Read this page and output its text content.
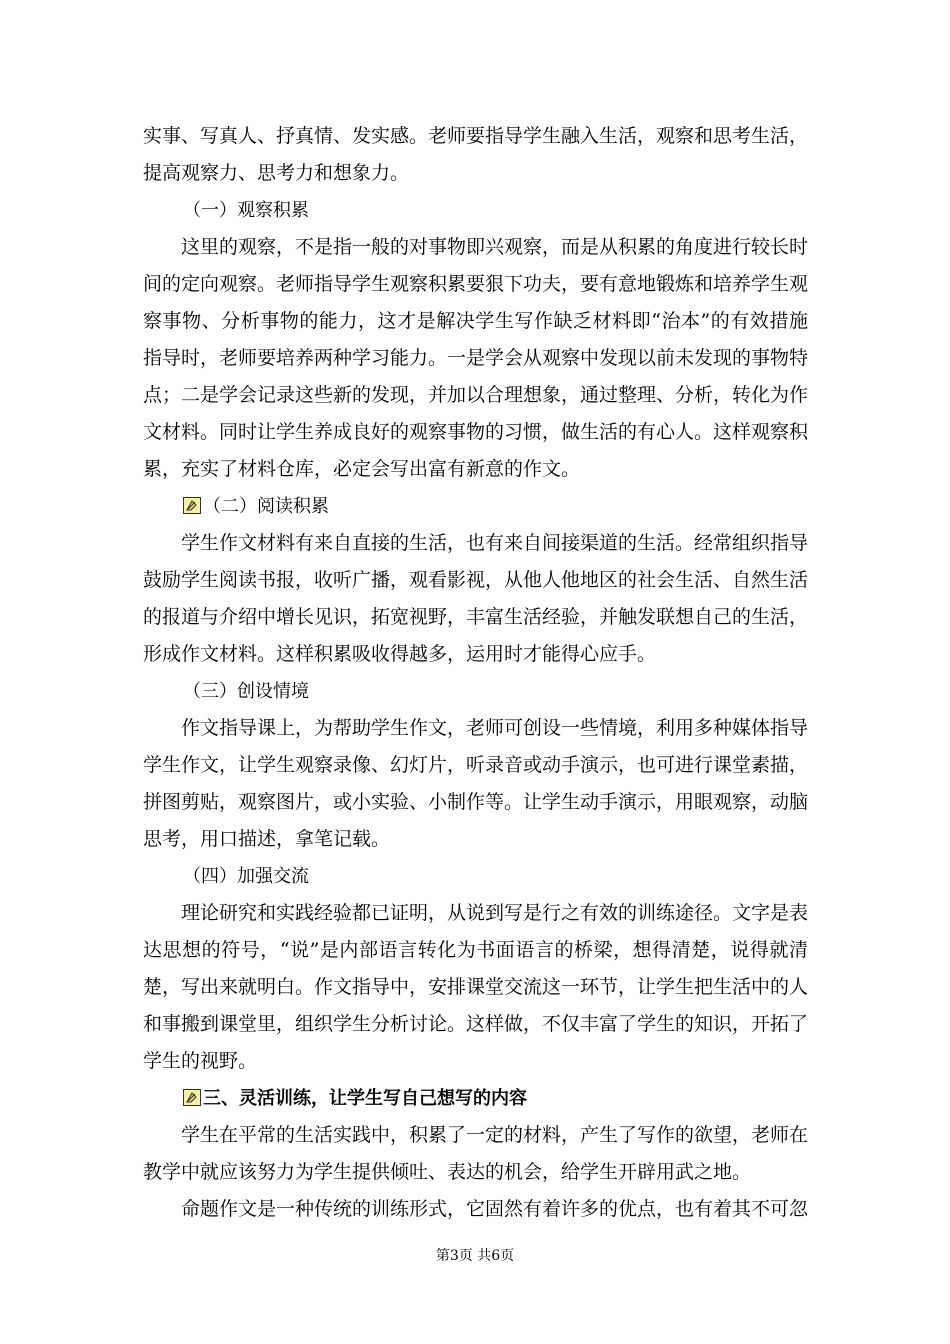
实事、写真人、抒真情、发实感。老师要指导学生融入生活，观察和思考生活，提高观察力、思考力和想象力。

（一）观察积累

这里的观察，不是指一般的对事物即兴观察，而是从积累的角度进行较长时间的定向观察。老师指导学生观察积累要狠下功夫，要有意地锻炼和培养学生观察事物、分析事物的能力，这才是解决学生写作缺乏材料即“治本”的有效措施指导时，老师要培养两种学习能力。一是学会从观察中发现以前未发现的事物特点；二是学会记录这些新的发现，并加以合理想象，通过整理、分析，转化为作文材料。同时让学生养成良好的观察事物的习惯，做生活的有心人。这样观察积累，充实了材料仓库，必定会写出富有新意的作文。

（二）阅读积累

学生作文材料有来自直接的生活，也有来自间接渠道的生活。经常组织指导鼓励学生阅读书报，收听广播，观看影视，从他人他地区的社会生活、自然生活的报道与介绍中增长见识，拓宽视野，丰富生活经验，并触发联想自己的生活，形成作文材料。这样积累吸收得越多，运用时才能得心应手。

（三）创设情境

作文指导课上，为帮助学生作文，老师可创设一些情境，利用多种媒体指导学生作文，让学生观察录像、幻灯片，听录音或动手演示，也可进行课堂素描，拼图剪贴，观察图片，或小实验、小制作等。让学生动手演示，用眼观察，动脑思考，用口描述，拿笔记载。

（四）加强交流

理论研究和实践经验都已证明，从说到写是行之有效的训练途径。文字是表达思想的符号，“说”是内部语言转化为书面语言的桥梁，想得清楚，说得就清楚，写出来就明白。作文指导中，安排课堂交流这一环节，让学生把生活中的人和事搬到课堂里，组织学生分析讨论。这样做，不仅丰富了学生的知识，开拓了学生的视野。

三、灵活训练，让学生写自己想写的内容

学生在平常的生活实践中，积累了一定的材料，产生了写作的欲望，老师在教学中就应该努力为学生提供倾吐、表达的机会，给学生开辟用武之地。

命题作文是一种传统的训练形式，它固然有着许多的优点，也有着其不可忽

第3页 共6页
